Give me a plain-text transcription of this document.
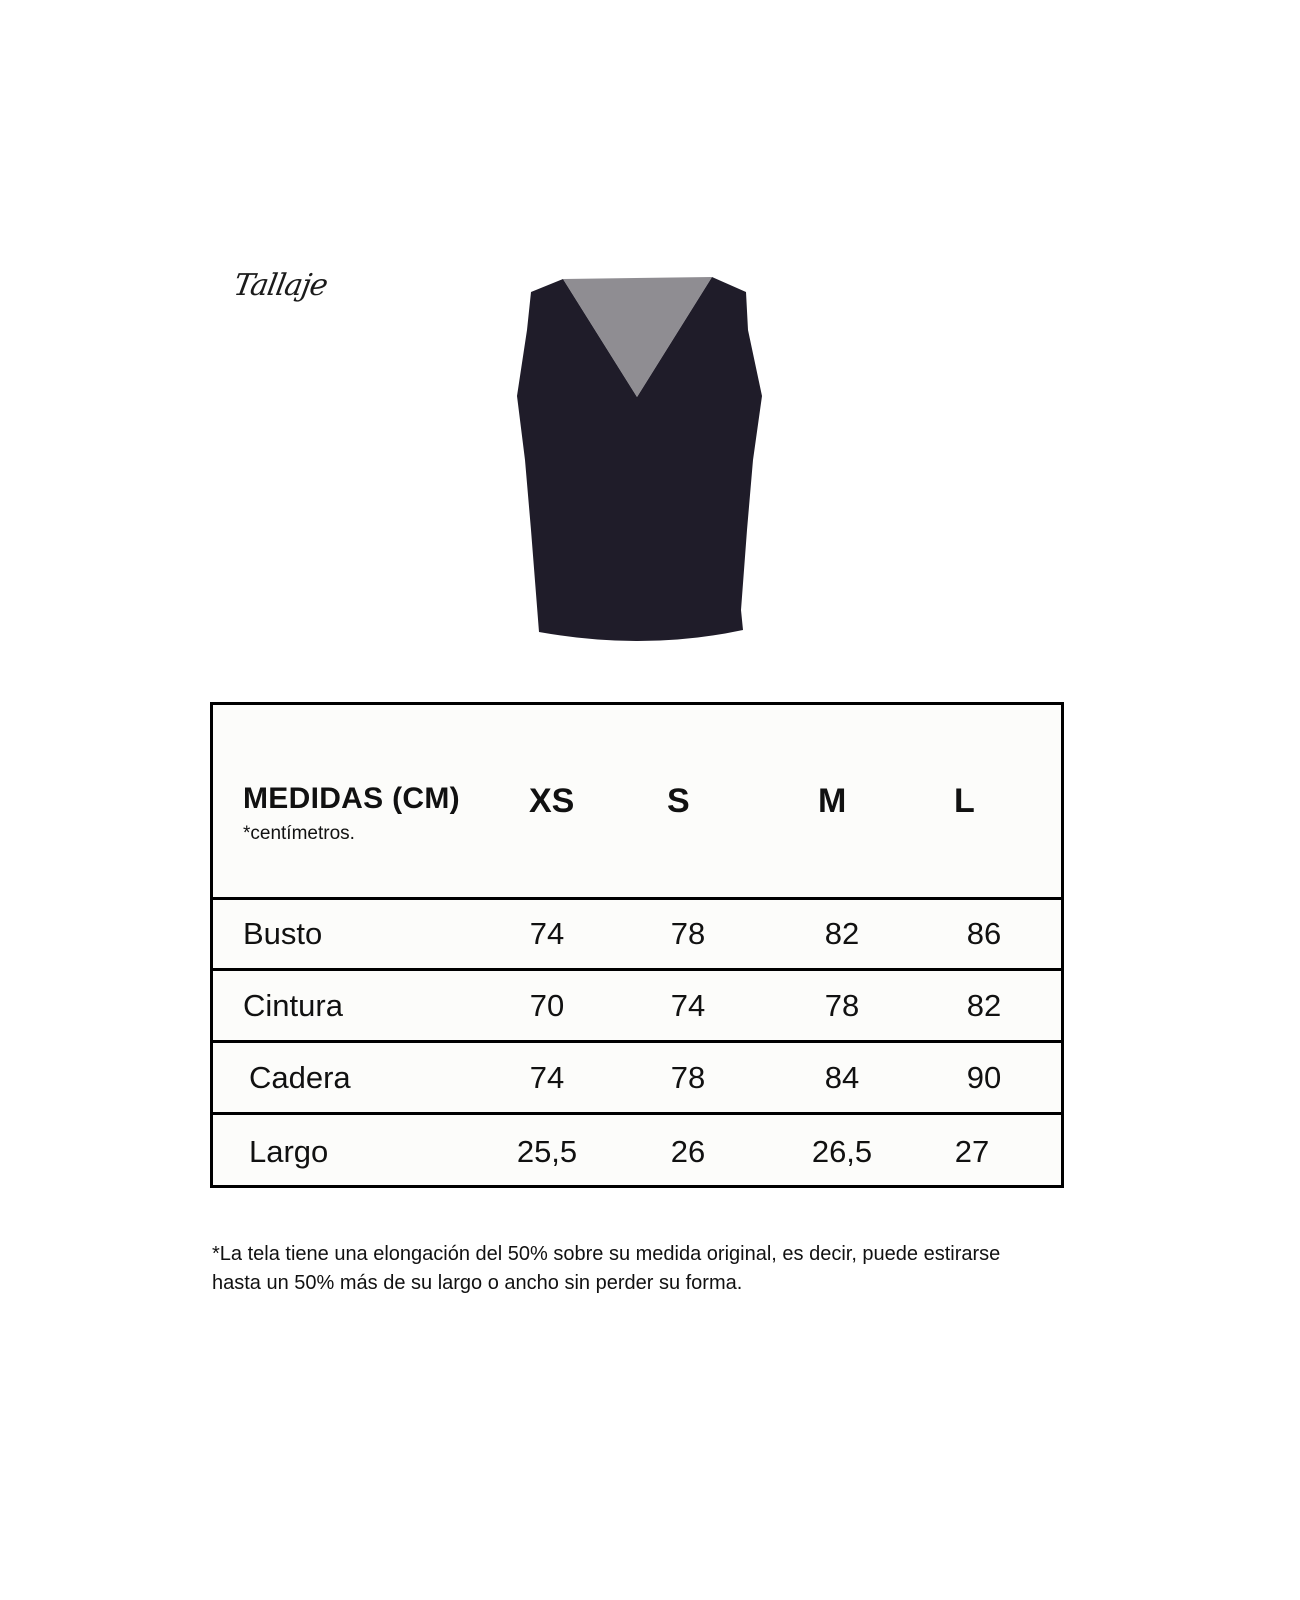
Tallaje
MEDIDAS (CM)
*centímetros.
XS	S	M	L
Busto	74	78	82	86
Cintura	70	74	78	82
Cadera	74	78	84	90
Largo	25,5	26	26,5	27
*La tela tiene una elongación del 50% sobre su medida original, es decir, puede estirarse
hasta un 50% más de su largo o ancho sin perder su forma.
